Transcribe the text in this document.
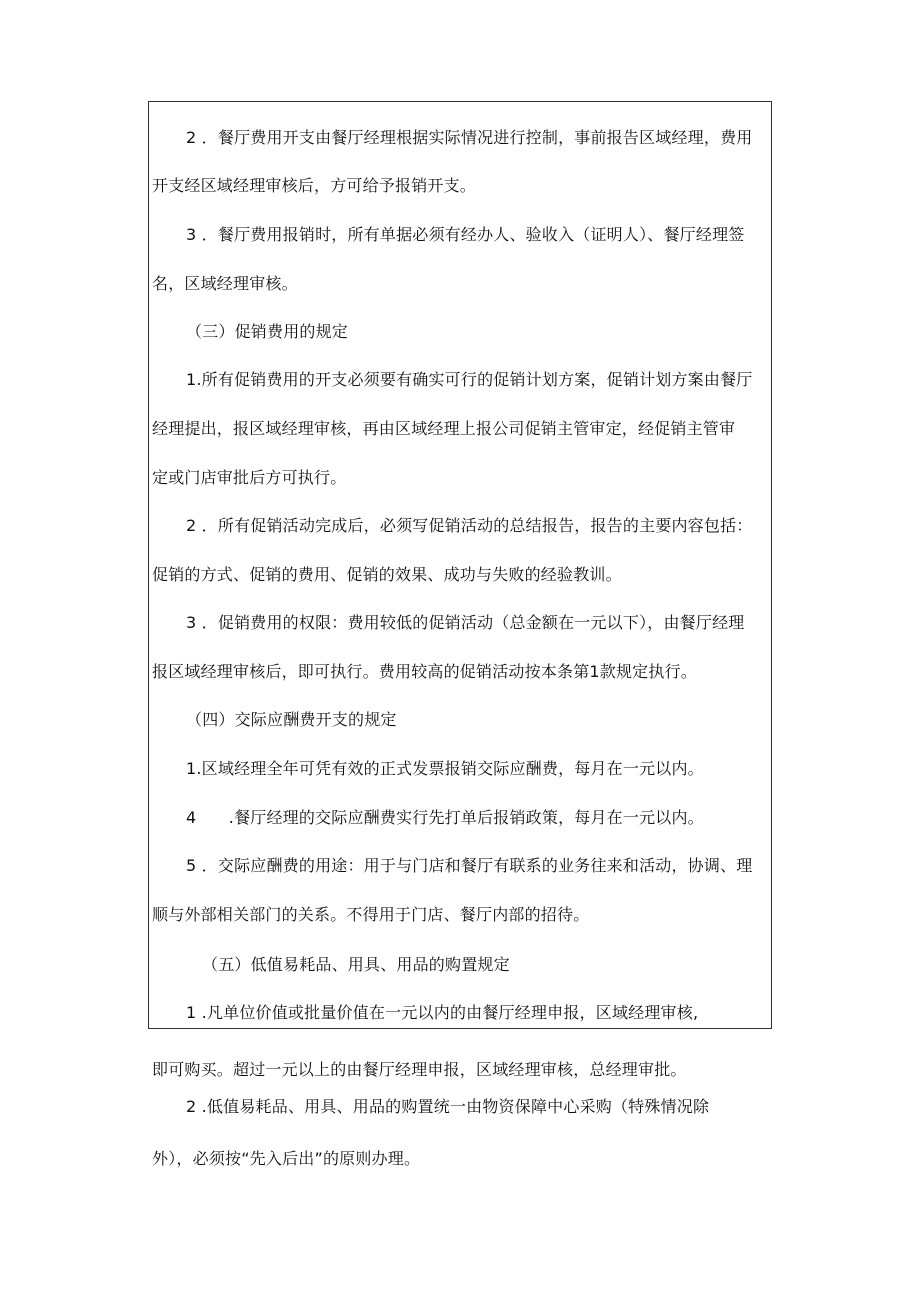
2 ．餐厅费用开支由餐厅经理根据实际情况进行控制，事前报告区域经理，费用
开支经区域经理审核后，方可给予报销开支。
3 ．餐厅费用报销时，所有单据必须有经办人、验收入（证明人）、餐厅经理签
名，区域经理审核。
（三）促销费用的规定
1.所有促销费用的开支必须要有确实可行的促销计划方案，促销计划方案由餐厅
经理提出，报区域经理审核，再由区域经理上报公司促销主管审定，经促销主管审
定或门店审批后方可执行。
2 ．所有促销活动完成后，必须写促销活动的总结报告，报告的主要内容包括：
促销的方式、促销的费用、促销的效果、成功与失败的经验教训。
3 ．促销费用的权限：费用较低的促销活动（总金额在一元以下），由餐厅经理
报区域经理审核后，即可执行。费用较高的促销活动按本条第1款规定执行。
（四）交际应酬费开支的规定
1.区域经理全年可凭有效的正式发票报销交际应酬费，每月在一元以内。
4　　.餐厅经理的交际应酬费实行先打单后报销政策，每月在一元以内。
5 ．交际应酬费的用途：用于与门店和餐厅有联系的业务往来和活动，协调、理
顺与外部相关部门的关系。不得用于门店、餐厅内部的招待。
（五）低值易耗品、用具、用品的购置规定
1 .凡单位价值或批量价值在一元以内的由餐厅经理申报，区域经理审核,
即可购买。超过一元以上的由餐厅经理申报，区域经理审核，总经理审批。
2 .低值易耗品、用具、用品的购置统一由物资保障中心采购（特殊情况除
外），必须按“先入后出”的原则办理。
